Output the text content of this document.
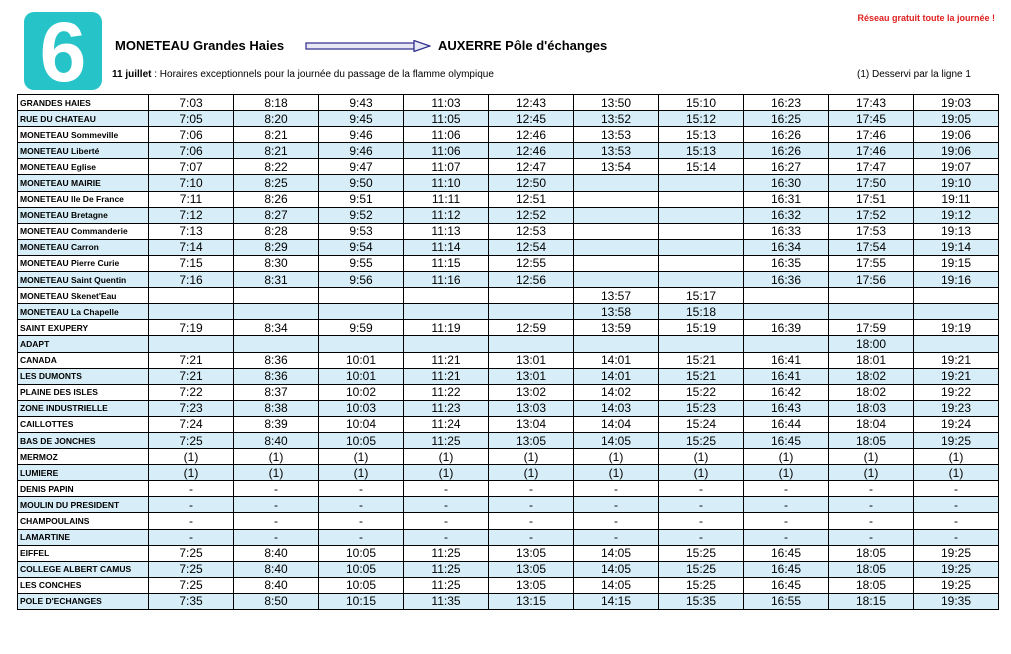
6	MONETEAU Grandes Haies	AUXERRE Pôle d'échanges
11 juillet : Horaires exceptionnels pour la journée du passage de la flamme olympique
Réseau gratuit toute la journée !
(1) Desservi par la ligne 1
GRANDES HAIES	7:03	8:18	9:43	11:03	12:43	13:50	15:10	16:23	17:43	19:03
RUE DU CHATEAU	7:05	8:20	9:45	11:05	12:45	13:52	15:12	16:25	17:45	19:05
MONETEAU Sommeville	7:06	8:21	9:46	11:06	12:46	13:53	15:13	16:26	17:46	19:06
MONETEAU Liberté	7:06	8:21	9:46	11:06	12:46	13:53	15:13	16:26	17:46	19:06
MONETEAU Eglise	7:07	8:22	9:47	11:07	12:47	13:54	15:14	16:27	17:47	19:07
MONETEAU MAIRIE	7:10	8:25	9:50	11:10	12:50			16:30	17:50	19:10
MONETEAU Ile De France	7:11	8:26	9:51	11:11	12:51			16:31	17:51	19:11
MONETEAU Bretagne	7:12	8:27	9:52	11:12	12:52			16:32	17:52	19:12
MONETEAU Commanderie	7:13	8:28	9:53	11:13	12:53			16:33	17:53	19:13
MONETEAU Carron	7:14	8:29	9:54	11:14	12:54			16:34	17:54	19:14
MONETEAU Pierre Curie	7:15	8:30	9:55	11:15	12:55			16:35	17:55	19:15
MONETEAU Saint Quentin	7:16	8:31	9:56	11:16	12:56			16:36	17:56	19:16
MONETEAU Skenet'Eau						13:57	15:17			
MONETEAU La Chapelle						13:58	15:18			
SAINT EXUPERY	7:19	8:34	9:59	11:19	12:59	13:59	15:19	16:39	17:59	19:19
ADAPT									18:00	
CANADA	7:21	8:36	10:01	11:21	13:01	14:01	15:21	16:41	18:01	19:21
LES DUMONTS	7:21	8:36	10:01	11:21	13:01	14:01	15:21	16:41	18:02	19:21
PLAINE DES ISLES	7:22	8:37	10:02	11:22	13:02	14:02	15:22	16:42	18:02	19:22
ZONE INDUSTRIELLE	7:23	8:38	10:03	11:23	13:03	14:03	15:23	16:43	18:03	19:23
CAILLOTTES	7:24	8:39	10:04	11:24	13:04	14:04	15:24	16:44	18:04	19:24
BAS DE JONCHES	7:25	8:40	10:05	11:25	13:05	14:05	15:25	16:45	18:05	19:25
MERMOZ	(1)	(1)	(1)	(1)	(1)	(1)	(1)	(1)	(1)	(1)
LUMIERE	(1)	(1)	(1)	(1)	(1)	(1)	(1)	(1)	(1)	(1)
DENIS PAPIN	-	-	-	-	-	-	-	-	-	-
MOULIN DU PRESIDENT	-	-	-	-	-	-	-	-	-	-
CHAMPOULAINS	-	-	-	-	-	-	-	-	-	-
LAMARTINE	-	-	-	-	-	-	-	-	-	-
EIFFEL	7:25	8:40	10:05	11:25	13:05	14:05	15:25	16:45	18:05	19:25
COLLEGE ALBERT CAMUS	7:25	8:40	10:05	11:25	13:05	14:05	15:25	16:45	18:05	19:25
LES CONCHES	7:25	8:40	10:05	11:25	13:05	14:05	15:25	16:45	18:05	19:25
POLE D'ECHANGES	7:35	8:50	10:15	11:35	13:15	14:15	15:35	16:55	18:15	19:35
